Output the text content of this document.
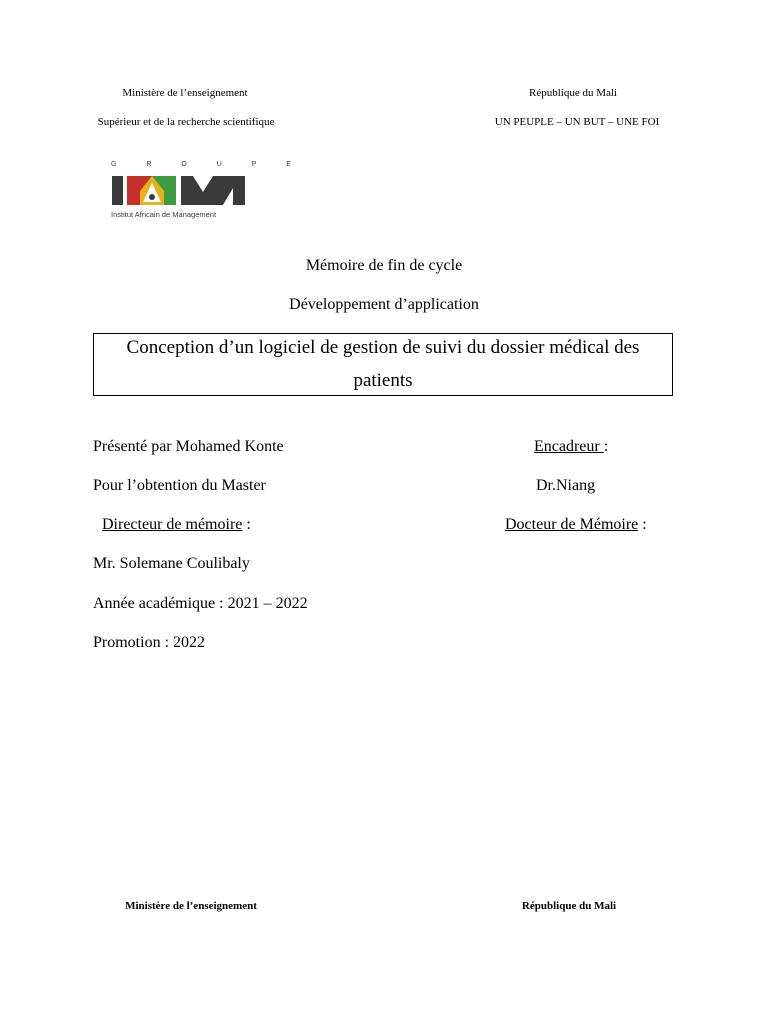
Ministère de l’enseignement
Supérieur et de la recherche scientifique
République du Mali
UN PEUPLE – UN BUT – UNE FOI
G R O U P E
Institut Africain de Management
Mémoire de fin de cycle
Développement d’application
Conception d’un logiciel de gestion de suivi du dossier médical des
patients
Présenté par Mohamed Konte	Encadreur :
Pour l’obtention du Master	Dr.Niang
Directeur de mémoire :	Docteur de Mémoire :
Mr. Solemane Coulibaly
Année académique : 2021 – 2022
Promotion : 2022
Ministère de l’enseignement	République du Mali
